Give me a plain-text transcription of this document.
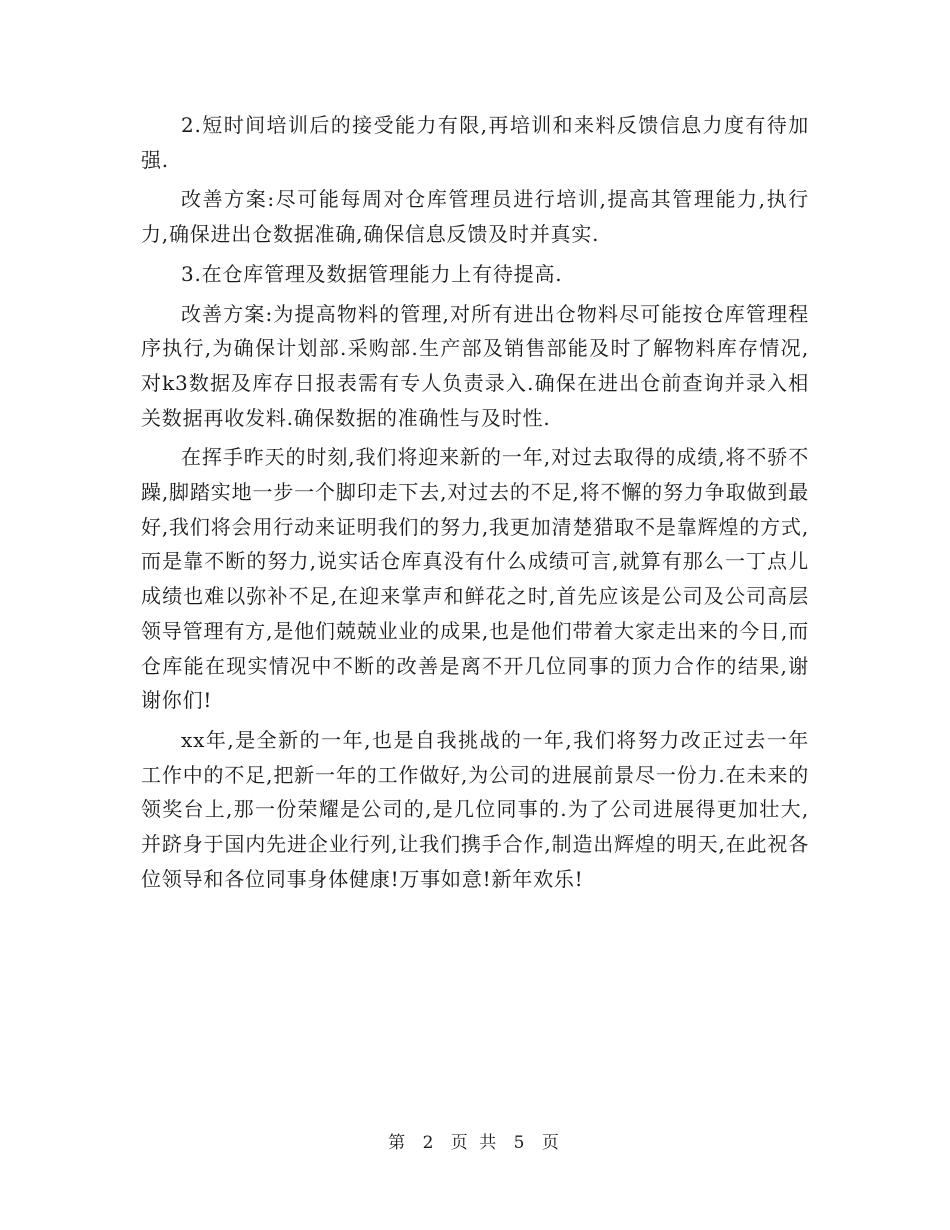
2.短时间培训后的接受能力有限,再培训和来料反馈信息力度有待加强.

改善方案:尽可能每周对仓库管理员进行培训,提高其管理能力,执行力,确保进出仓数据准确,确保信息反馈及时并真实.

3.在仓库管理及数据管理能力上有待提高.

改善方案:为提高物料的管理,对所有进出仓物料尽可能按仓库管理程序执行,为确保计划部.采购部.生产部及销售部能及时了解物料库存情况,对k3数据及库存日报表需有专人负责录入.确保在进出仓前查询并录入相关数据再收发料.确保数据的准确性与及时性.

在挥手昨天的时刻,我们将迎来新的一年,对过去取得的成绩,将不骄不躁,脚踏实地一步一个脚印走下去,对过去的不足,将不懈的努力争取做到最好,我们将会用行动来证明我们的努力,我更加清楚猎取不是靠辉煌的方式,而是靠不断的努力,说实话仓库真没有什么成绩可言,就算有那么一丁点儿成绩也难以弥补不足,在迎来掌声和鲜花之时,首先应该是公司及公司高层领导管理有方,是他们兢兢业业的成果,也是他们带着大家走出来的今日,而仓库能在现实情况中不断的改善是离不开几位同事的顶力合作的结果,谢谢你们!

xx年,是全新的一年,也是自我挑战的一年,我们将努力改正过去一年工作中的不足,把新一年的工作做好,为公司的进展前景尽一份力.在未来的领奖台上,那一份荣耀是公司的,是几位同事的.为了公司进展得更加壮大,并跻身于国内先进企业行列,让我们携手合作,制造出辉煌的明天,在此祝各位领导和各位同事身体健康!万事如意!新年欢乐!

第 2 页 共 5 页
